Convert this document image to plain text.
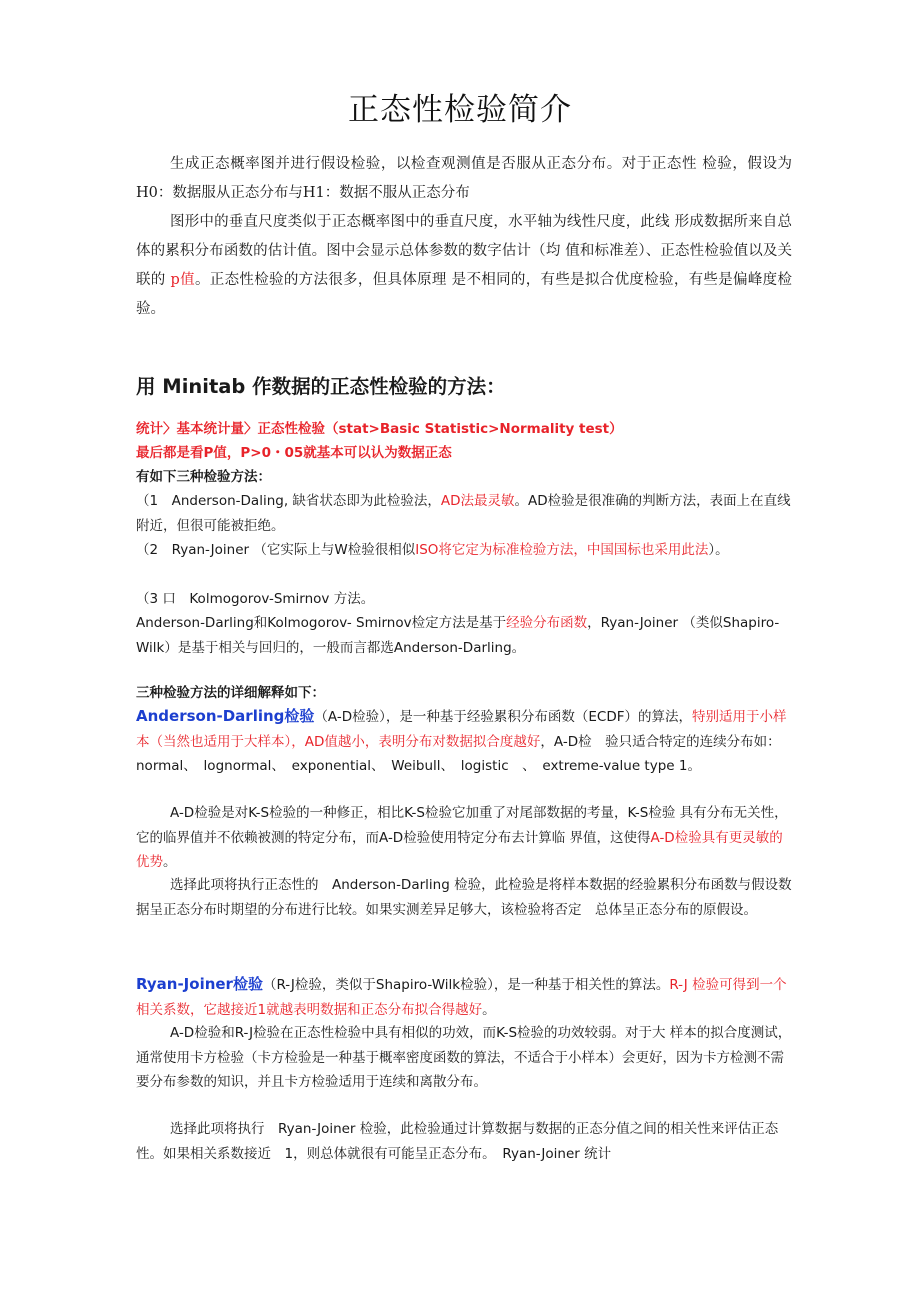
正态性检验简介
生成正态概率图并进行假设检验，以检查观测值是否服从正态分布。对于正态性 检验，假设为H0：数据服从正态分布与H1：数据不服从正态分布
图形中的垂直尺度类似于正态概率图中的垂直尺度，水平轴为线性尺度，此线 形成数据所来自总体的累积分布函数的估计值。图中会显示总体参数的数字估计（均 值和标准差）、正态性检验值以及关联的 p值。正态性检验的方法很多，但具体原理 是不相同的，有些是拟合优度检验，有些是偏峰度检验。
用 Minitab 作数据的正态性检验的方法：
统计〉基本统计量〉正态性检验（stat>Basic Statistic>Normality test）
最后都是看P值，P>0・05就基本可以认为数据正态
有如下三种检验方法：
（1　Anderson-Daling, 缺省状态即为此检验法，AD法最灵敏。AD检验是很准确的判断方法，表面上在直线附近，但很可能被拒绝。
（2　Ryan-Joiner （它实际上与W检验很相似ISO将它定为标准检验方法，中国国标也采用此法）。
（3 口　Kolmogorov-Smirnov 方法。
Anderson-Darling和Kolmogorov- Smirnov检定方法是基于经验分布函数，Ryan-Joiner （类似Shapiro-Wilk）是基于相关与回归的，一般而言都选Anderson-Darling。
三种检验方法的详细解释如下：
Anderson-Darling检验（A-D检验），是一种基于经验累积分布函数（ECDF）的算法，特别适用于小样本（当然也适用于大样本），AD值越小，表明分布对数据拟合度越好，A-D检　验只适合特定的连续分布如：　normal、　lognormal、　exponential、　Weibull、　logistic　、　extreme-value type 1。
A-D检验是对K-S检验的一种修正，相比K-S检验它加重了对尾部数据的考量，K-S检验 具有分布无关性，它的临界值并不依赖被测的特定分布，而A-D检验使用特定分布去计算临 界值，这使得A-D检验具有更灵敏的优势。
选择此项将执行正态性的　Anderson-Darling 检验，此检验是将样本数据的经验累积分布函数与假设数据呈正态分布时期望的分布进行比较。如果实测差异足够大，该检验将否定　总体呈正态分布的原假设。
Ryan-Joiner检验（R-J检验，类似于Shapiro-Wilk检验），是一种基于相关性的算法。R-J 检验可得到一个相关系数，它越接近1就越表明数据和正态分布拟合得越好。
A-D检验和R-J检验在正态性检验中具有相似的功效，而K-S检验的功效较弱。对于大 样本的拟合度测试，通常使用卡方检验（卡方检验是一种基于概率密度函数的算法，不适合于小样本）会更好，因为卡方检测不需要分布参数的知识，并且卡方检验适用于连续和离散分布。
选择此项将执行　Ryan-Joiner 检验，此检验通过计算数据与数据的正态分值之间的相关性来评估正态性。如果相关系数接近　1，则总体就很有可能呈正态分布。　Ryan-Joiner 统计
